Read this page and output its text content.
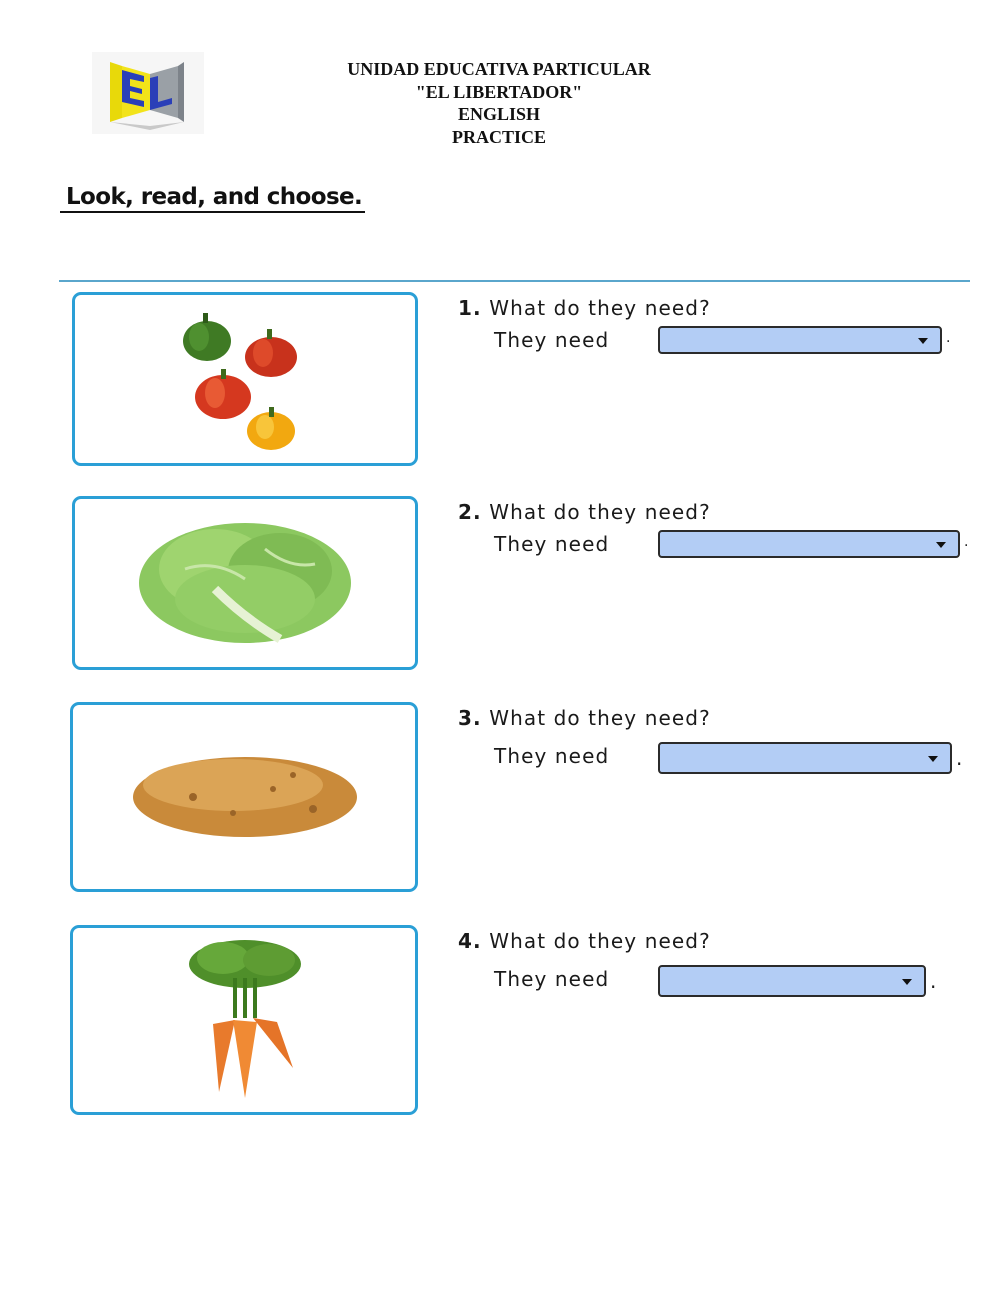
UNIDAD EDUCATIVA PARTICULAR
"EL LIBERTADOR"
ENGLISH
PRACTICE
Look, read, and choose.
1. What do they need?
They need	.
2. What do they need?
They need	.
3. What do they need?
They need	.
4. What do they need?
They need	.
